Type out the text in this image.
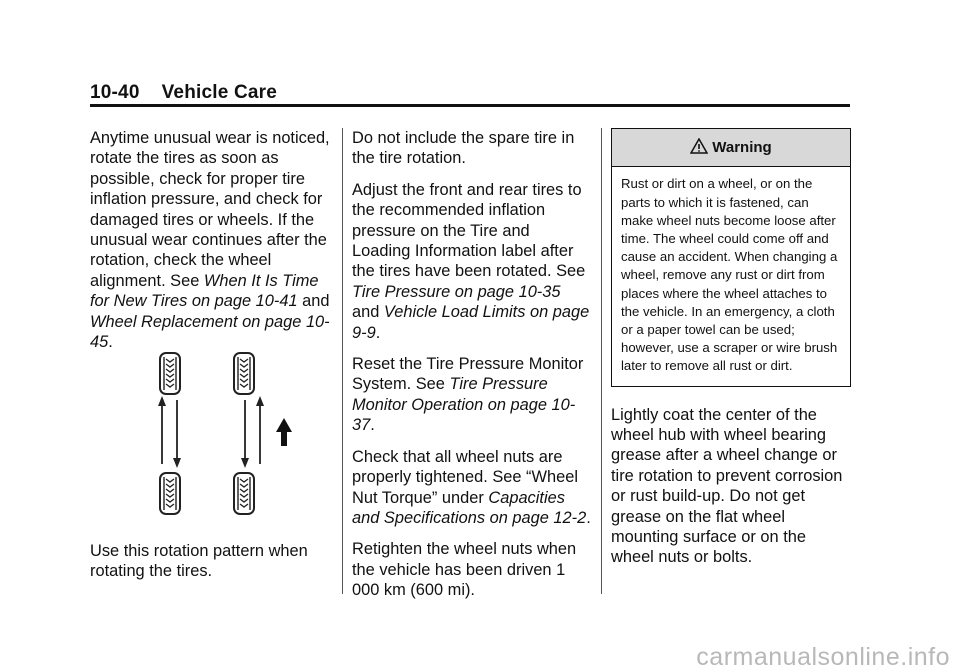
10-40 Vehicle Care

Anytime unusual wear is noticed, rotate the tires as soon as possible, check for proper tire inflation pressure, and check for damaged tires or wheels. If the unusual wear continues after the rotation, check the wheel alignment. See When It Is Time for New Tires on page 10-41 and Wheel Replacement on page 10-45.

Use this rotation pattern when rotating the tires.

Do not include the spare tire in the tire rotation.

Adjust the front and rear tires to the recommended inflation pressure on the Tire and Loading Information label after the tires have been rotated. See Tire Pressure on page 10-35 and Vehicle Load Limits on page 9-9.

Reset the Tire Pressure Monitor System. See Tire Pressure Monitor Operation on page 10-37.

Check that all wheel nuts are properly tightened. See “Wheel Nut Torque” under Capacities and Specifications on page 12-2.

Retighten the wheel nuts when the vehicle has been driven 1 000 km (600 mi).

Warning
Rust or dirt on a wheel, or on the parts to which it is fastened, can make wheel nuts become loose after time. The wheel could come off and cause an accident. When changing a wheel, remove any rust or dirt from places where the wheel attaches to the vehicle. In an emergency, a cloth or a paper towel can be used; however, use a scraper or wire brush later to remove all rust or dirt.

Lightly coat the center of the wheel hub with wheel bearing grease after a wheel change or tire rotation to prevent corrosion or rust build-up. Do not get grease on the flat wheel mounting surface or on the wheel nuts or bolts.

carmanualsonline.info
